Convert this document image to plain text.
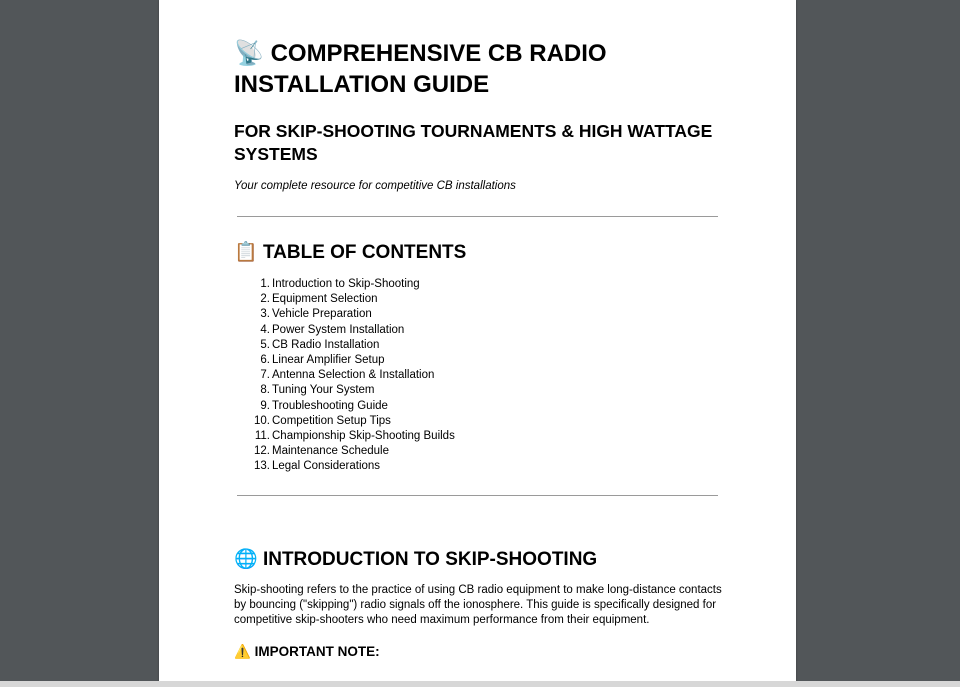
📡 COMPREHENSIVE CB RADIO INSTALLATION GUIDE
FOR SKIP-SHOOTING TOURNAMENTS & HIGH WATTAGE SYSTEMS

Your complete resource for competitive CB installations

📋 TABLE OF CONTENTS
1. Introduction to Skip-Shooting
2. Equipment Selection
3. Vehicle Preparation
4. Power System Installation
5. CB Radio Installation
6. Linear Amplifier Setup
7. Antenna Selection & Installation
8. Tuning Your System
9. Troubleshooting Guide
10. Competition Setup Tips
11. Championship Skip-Shooting Builds
12. Maintenance Schedule
13. Legal Considerations
🌐 INTRODUCTION TO SKIP-SHOOTING

Skip-shooting refers to the practice of using CB radio equipment to make long-distance contacts by bouncing ("skipping") radio signals off the ionosphere. This guide is specifically designed for competitive skip-shooters who need maximum performance from their equipment.

⚠️ IMPORTANT NOTE:
